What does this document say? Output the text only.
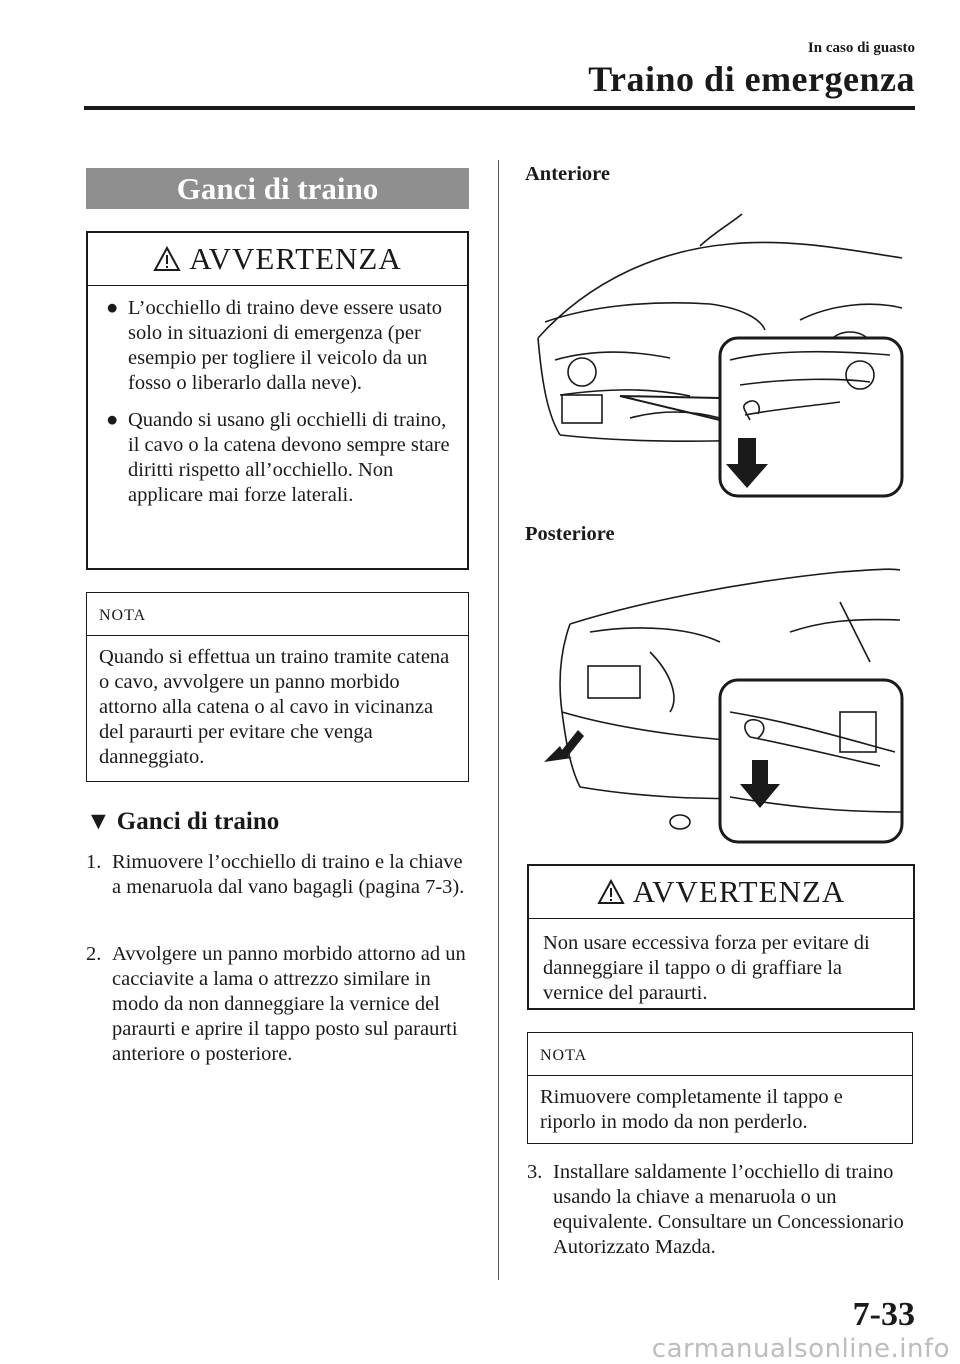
In caso di guasto
Traino di emergenza
Ganci di traino
AVVERTENZA
● L’occhiello di traino deve essere usato solo in situazioni di emergenza (per esempio per togliere il veicolo da un fosso o liberarlo dalla neve).
● Quando si usano gli occhielli di traino, il cavo o la catena devono sempre stare diritti rispetto all’occhiello. Non applicare mai forze laterali.
NOTA
Quando si effettua un traino tramite catena o cavo, avvolgere un panno morbido attorno alla catena o al cavo in vicinanza del paraurti per evitare che venga danneggiato.
▼ Ganci di traino
1. Rimuovere l’occhiello di traino e la chiave a menaruola dal vano bagagli (pagina 7-3).
2. Avvolgere un panno morbido attorno ad un cacciavite a lama o attrezzo similare in modo da non danneggiare la vernice del paraurti e aprire il tappo posto sul paraurti anteriore o posteriore.
Anteriore
Posteriore
AVVERTENZA
Non usare eccessiva forza per evitare di danneggiare il tappo o di graffiare la vernice del paraurti.
NOTA
Rimuovere completamente il tappo e riporlo in modo da non perderlo.
3. Installare saldamente l’occhiello di traino usando la chiave a menaruola o un equivalente. Consultare un Concessionario Autorizzato Mazda.
7-33
carmanualsonline.info
